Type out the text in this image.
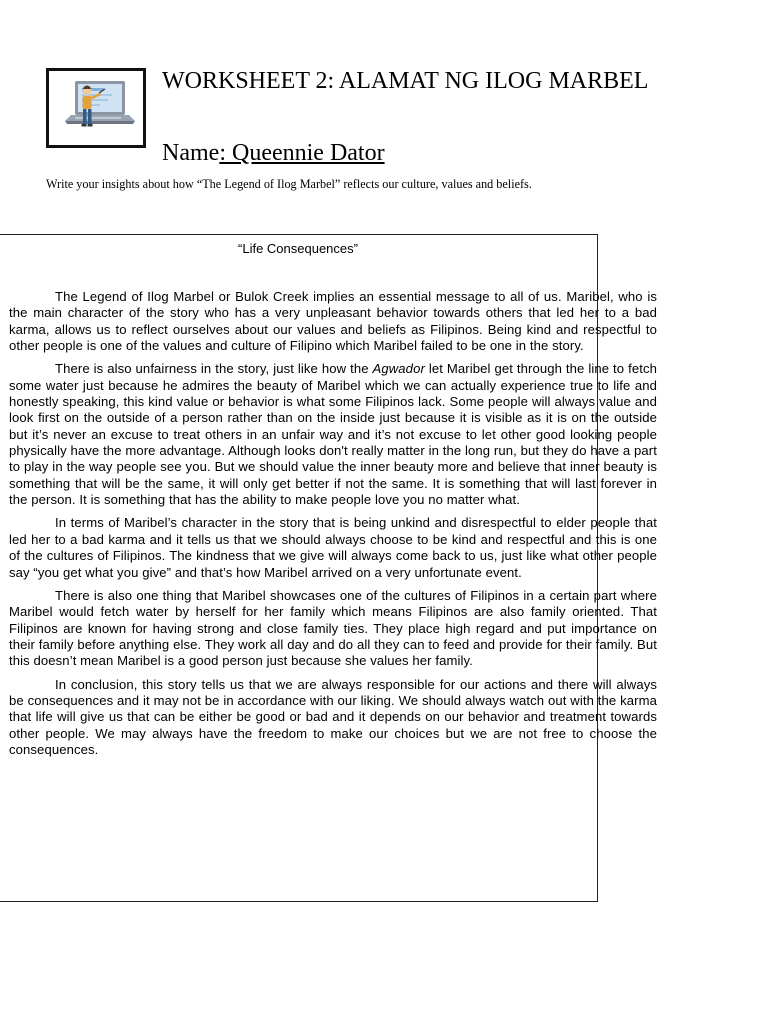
WORKSHEET 2: ALAMAT NG ILOG MARBEL
Name: Queennie Dator
Write your insights about how “The Legend of Ilog Marbel” reflects our culture, values and beliefs.
“Life Consequences”

The Legend of Ilog Marbel or Bulok Creek implies an essential message to all of us. Maribel, who is the main character of the story who has a very unpleasant behavior towards others that led her to a bad karma, allows us to reflect ourselves about our values and beliefs as Filipinos. Being kind and respectful to other people is one of the values and culture of Filipino which Maribel failed to be one in the story.

There is also unfairness in the story, just like how the Agwador let Maribel get through the line to fetch some water just because he admires the beauty of Maribel which we can actually experience true to life and honestly speaking, this kind value or behavior is what some Filipinos lack. Some people will always value and look first on the outside of a person rather than on the inside just because it is visible as it is on the outside but it’s never an excuse to treat others in an unfair way and it’s not excuse to let other good looking people physically have the more advantage. Although looks don't really matter in the long run, but they do have a part to play in the way people see you. But we should value the inner beauty more and believe that inner beauty is something that will be the same, it will only get better if not the same. It is something that will last forever in the person. It is something that has the ability to make people love you no matter what.

In terms of Maribel’s character in the story that is being unkind and disrespectful to elder people that led her to a bad karma and it tells us that we should always choose to be kind and respectful and this is one of the cultures of Filipinos. The kindness that we give will always come back to us, just like what other people say “you get what you give” and that’s how Maribel arrived on a very unfortunate event.

There is also one thing that Maribel showcases one of the cultures of Filipinos in a certain part where Maribel would fetch water by herself for her family which means Filipinos are also family oriented. That Filipinos are known for having strong and close family ties. They place high regard and put importance on their family before anything else. They work all day and do all they can to feed and provide for their family. But this doesn’t mean Maribel is a good person just because she values her family.

In conclusion, this story tells us that we are always responsible for our actions and there will always be consequences and it may not be in accordance with our liking. We should always watch out with the karma that life will give us that can be either be good or bad and it depends on our behavior and treatment towards other people. We may always have the freedom to make our choices but we are not free to choose the consequences.
